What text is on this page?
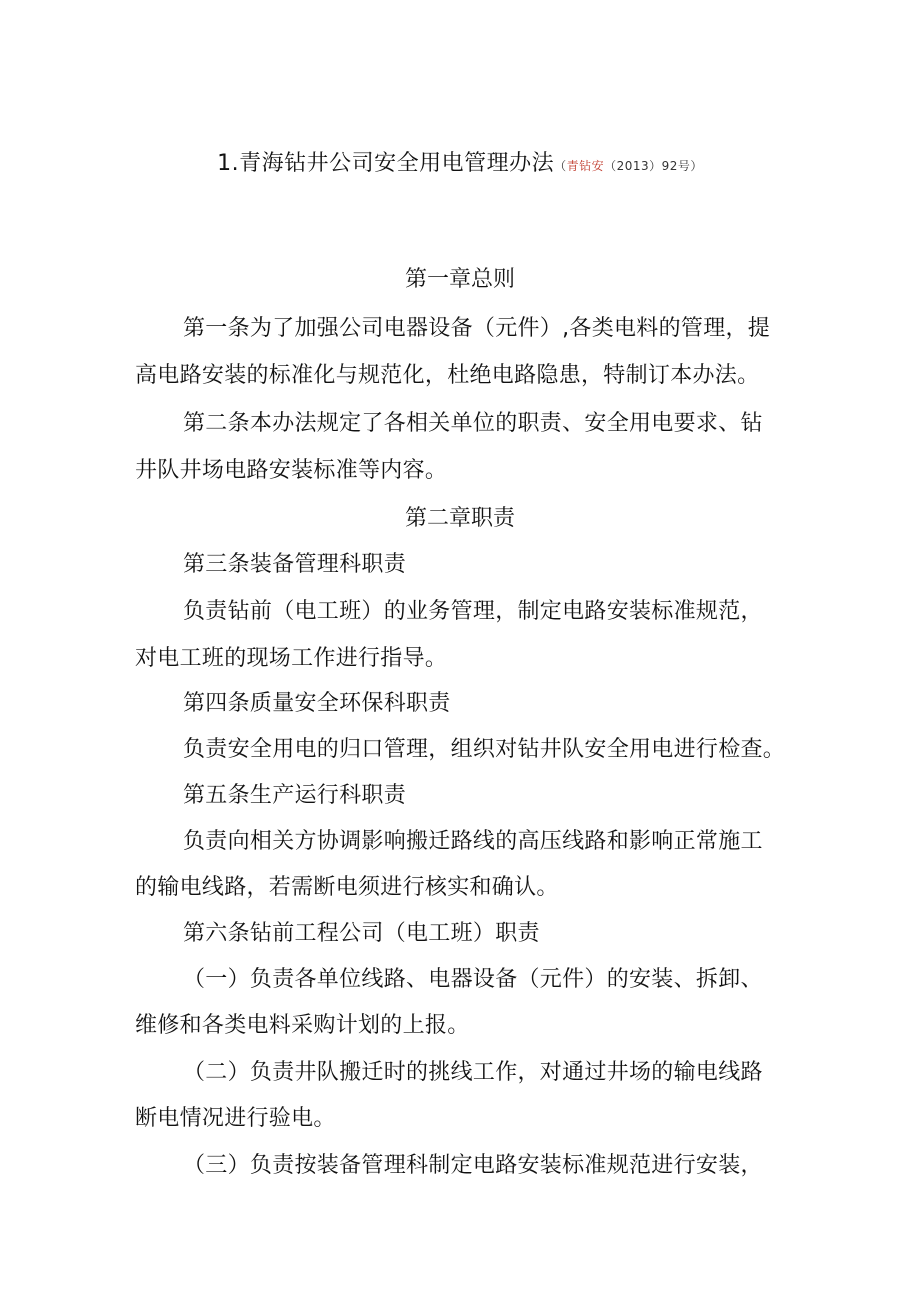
1.青海钻井公司安全用电管理办法（青钻安（2013）92号）
第一章总则
第一条为了加强公司电器设备（元件）,各类电料的管理，提
高电路安装的标准化与规范化，杜绝电路隐患，特制订本办法。
第二条本办法规定了各相关单位的职责、安全用电要求、钻
井队井场电路安装标准等内容。
第二章职责
第三条装备管理科职责
负责钻前（电工班）的业务管理，制定电路安装标准规范，
对电工班的现场工作进行指导。
第四条质量安全环保科职责
负责安全用电的归口管理，组织对钻井队安全用电进行检查。
第五条生产运行科职责
负责向相关方协调影响搬迁路线的高压线路和影响正常施工
的输电线路，若需断电须进行核实和确认。
第六条钻前工程公司（电工班）职责
（一）负责各单位线路、电器设备（元件）的安装、拆卸、
维修和各类电料采购计划的上报。
（二）负责井队搬迁时的挑线工作，对通过井场的输电线路
断电情况进行验电。
（三）负责按装备管理科制定电路安装标准规范进行安装，
